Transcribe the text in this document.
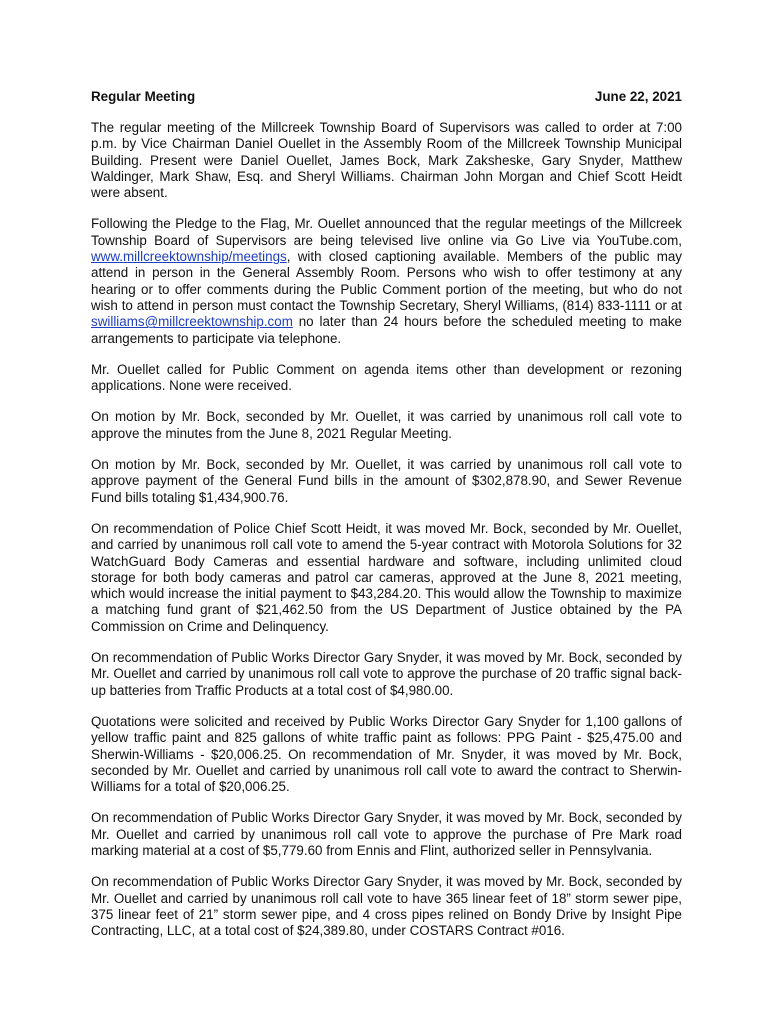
Regular Meeting	June 22, 2021

The regular meeting of the Millcreek Township Board of Supervisors was called to order at 7:00 p.m. by Vice Chairman Daniel Ouellet in the Assembly Room of the Millcreek Township Municipal Building. Present were Daniel Ouellet, James Bock, Mark Zaksheske, Gary Snyder, Matthew Waldinger, Mark Shaw, Esq. and Sheryl Williams. Chairman John Morgan and Chief Scott Heidt were absent.

Following the Pledge to the Flag, Mr. Ouellet announced that the regular meetings of the Millcreek Township Board of Supervisors are being televised live online via Go Live via YouTube.com, www.millcreektownship/meetings, with closed captioning available. Members of the public may attend in person in the General Assembly Room. Persons who wish to offer testimony at any hearing or to offer comments during the Public Comment portion of the meeting, but who do not wish to attend in person must contact the Township Secretary, Sheryl Williams, (814) 833-1111 or at swilliams@millcreektownship.com no later than 24 hours before the scheduled meeting to make arrangements to participate via telephone.

Mr. Ouellet called for Public Comment on agenda items other than development or rezoning applications. None were received.

On motion by Mr. Bock, seconded by Mr. Ouellet, it was carried by unanimous roll call vote to approve the minutes from the June 8, 2021 Regular Meeting.

On motion by Mr. Bock, seconded by Mr. Ouellet, it was carried by unanimous roll call vote to approve payment of the General Fund bills in the amount of $302,878.90, and Sewer Revenue Fund bills totaling $1,434,900.76.

On recommendation of Police Chief Scott Heidt, it was moved Mr. Bock, seconded by Mr. Ouellet, and carried by unanimous roll call vote to amend the 5-year contract with Motorola Solutions for 32 WatchGuard Body Cameras and essential hardware and software, including unlimited cloud storage for both body cameras and patrol car cameras, approved at the June 8, 2021 meeting, which would increase the initial payment to $43,284.20. This would allow the Township to maximize a matching fund grant of $21,462.50 from the US Department of Justice obtained by the PA Commission on Crime and Delinquency.

On recommendation of Public Works Director Gary Snyder, it was moved by Mr. Bock, seconded by Mr. Ouellet and carried by unanimous roll call vote to approve the purchase of 20 traffic signal back-up batteries from Traffic Products at a total cost of $4,980.00.

Quotations were solicited and received by Public Works Director Gary Snyder for 1,100 gallons of yellow traffic paint and 825 gallons of white traffic paint as follows: PPG Paint - $25,475.00 and Sherwin-Williams - $20,006.25. On recommendation of Mr. Snyder, it was moved by Mr. Bock, seconded by Mr. Ouellet and carried by unanimous roll call vote to award the contract to Sherwin-Williams for a total of $20,006.25.

On recommendation of Public Works Director Gary Snyder, it was moved by Mr. Bock, seconded by Mr. Ouellet and carried by unanimous roll call vote to approve the purchase of Pre Mark road marking material at a cost of $5,779.60 from Ennis and Flint, authorized seller in Pennsylvania.

On recommendation of Public Works Director Gary Snyder, it was moved by Mr. Bock, seconded by Mr. Ouellet and carried by unanimous roll call vote to have 365 linear feet of 18” storm sewer pipe, 375 linear feet of 21” storm sewer pipe, and 4 cross pipes relined on Bondy Drive by Insight Pipe Contracting, LLC, at a total cost of $24,389.80, under COSTARS Contract #016.
